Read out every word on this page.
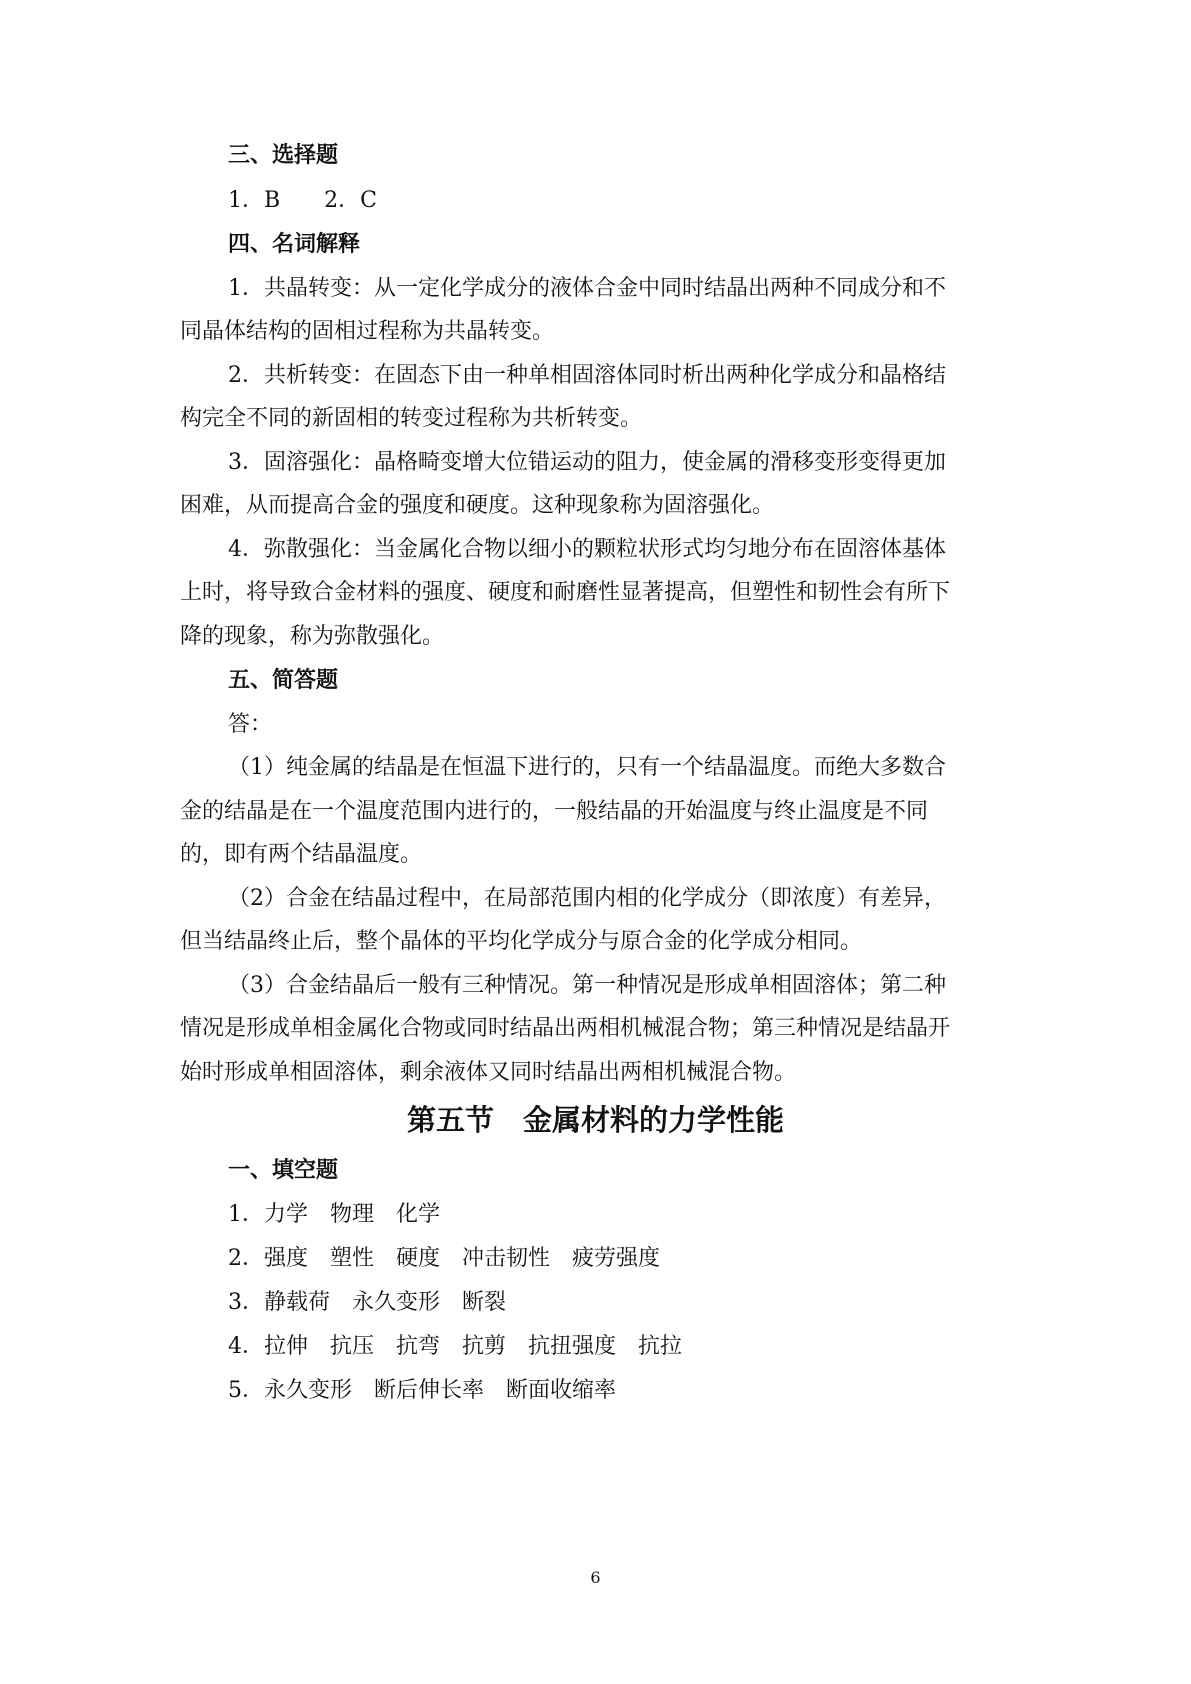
三、选择题
1．B　　2．C
四、名词解释
1．共晶转变：从一定化学成分的液体合金中同时结晶出两种不同成分和不
同晶体结构的固相过程称为共晶转变。
2．共析转变：在固态下由一种单相固溶体同时析出两种化学成分和晶格结
构完全不同的新固相的转变过程称为共析转变。
3．固溶强化：晶格畸变增大位错运动的阻力，使金属的滑移变形变得更加
困难，从而提高合金的强度和硬度。这种现象称为固溶强化。
4．弥散强化：当金属化合物以细小的颗粒状形式均匀地分布在固溶体基体
上时，将导致合金材料的强度、硬度和耐磨性显著提高，但塑性和韧性会有所下
降的现象，称为弥散强化。
五、简答题
答：
（1）纯金属的结晶是在恒温下进行的，只有一个结晶温度。而绝大多数合
金的结晶是在一个温度范围内进行的，一般结晶的开始温度与终止温度是不同
的，即有两个结晶温度。
（2）合金在结晶过程中，在局部范围内相的化学成分（即浓度）有差异，
但当结晶终止后，整个晶体的平均化学成分与原合金的化学成分相同。
（3）合金结晶后一般有三种情况。第一种情况是形成单相固溶体；第二种
情况是形成单相金属化合物或同时结晶出两相机械混合物；第三种情况是结晶开
始时形成单相固溶体，剩余液体又同时结晶出两相机械混合物。
第五节　金属材料的力学性能
一、填空题
1．力学　物理　化学
2．强度　塑性　硬度　冲击韧性　疲劳强度
3．静载荷　永久变形　断裂
4．拉伸　抗压　抗弯　抗剪　抗扭强度　抗拉
5．永久变形　断后伸长率　断面收缩率
6
